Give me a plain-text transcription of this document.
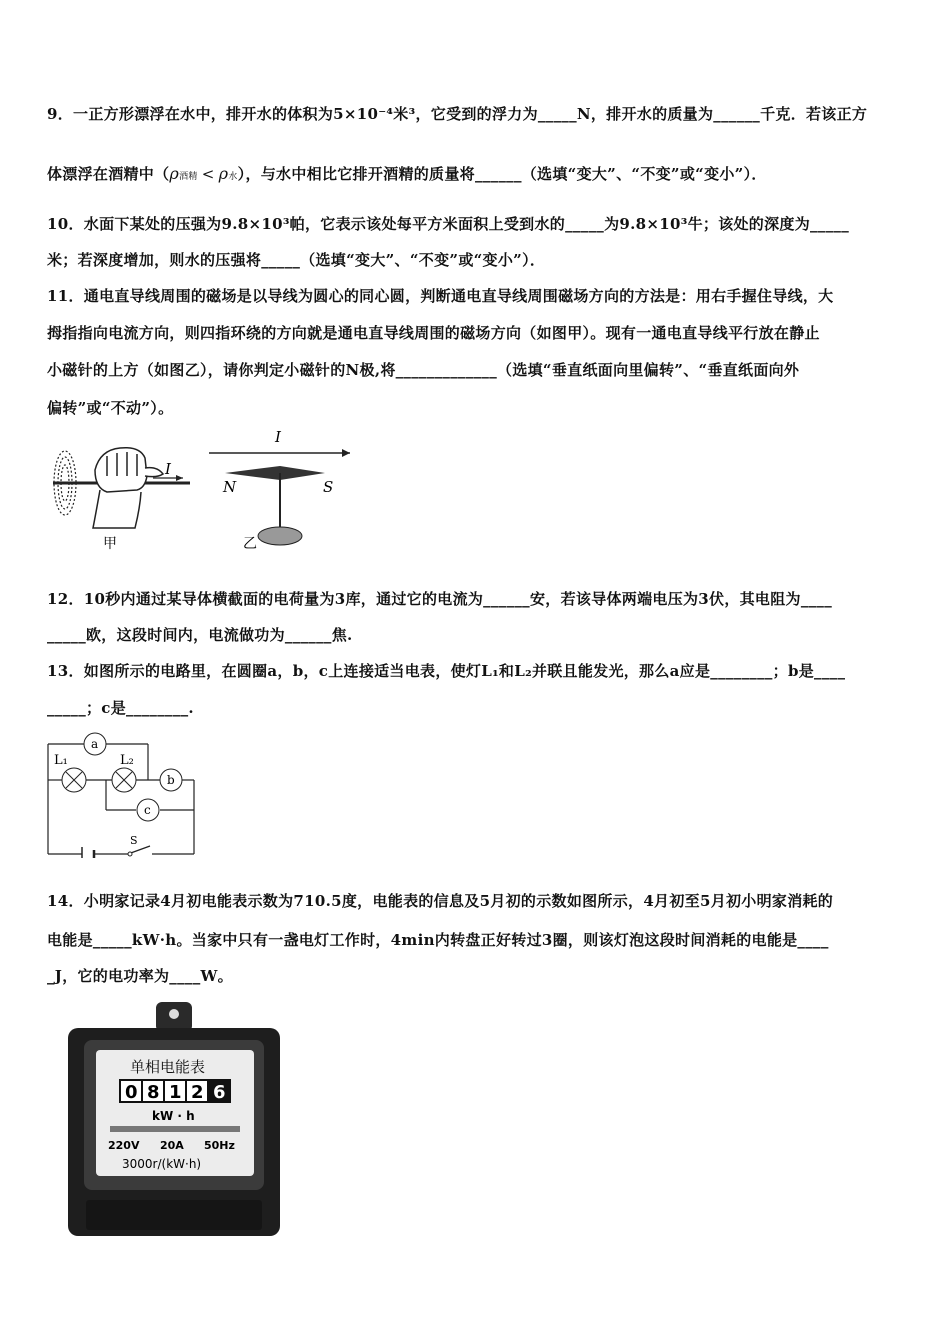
9．一正方形漂浮在水中，排开水的体积为5×10⁻⁴米³，它受到的浮力为_____N，排开水的质量为______千克．若该正方
体漂浮在酒精中（ρ酒精 < ρ水），与水中相比它排开酒精的质量将______（选填“变大”、“不变”或“变小”）．
10．水面下某处的压强为9.8×10³帕，它表示该处每平方米面积上受到水的_____为9.8×10³牛；该处的深度为_____
米；若深度增加，则水的压强将_____（选填“变大”、“不变”或“变小”）．
11．通电直导线周围的磁场是以导线为圆心的同心圆，判断通电直导线周围磁场方向的方法是：用右手握住导线，大
拇指指向电流方向，则四指环绕的方向就是通电直导线周围的磁场方向（如图甲）。现有一通电直导线平行放在静止
小磁针的上方（如图乙），请你判定小磁针的N极,将_____________（选填“垂直纸面向里偏转”、“垂直纸面向外
偏转”或“不动”）。
I
甲
I
N	S
乙
12．10秒内通过某导体横截面的电荷量为3库，通过它的电流为______安，若该导体两端电压为3伏，其电阻为____
_____欧，这段时间内，电流做功为______焦.
13．如图所示的电路里，在圆圈a，b，c上连接适当电表，使灯L₁和L₂并联且能发光，那么a应是________；b是____
_____；c是________.
S
a
L₁	L₂
b
c
14．小明家记录4月初电能表示数为710.5度，电能表的信息及5月初的示数如图所示，4月初至5月初小明家消耗的
电能是_____kW·h。当家中只有一盏电灯工作时，4min内转盘正好转过3圈，则该灯泡这段时间消耗的电能是____
_J，它的电功率为____W。
单相电能表
0 8 1 2 6
kW · h
220V 20A 50Hz
3000r/(kW·h)
